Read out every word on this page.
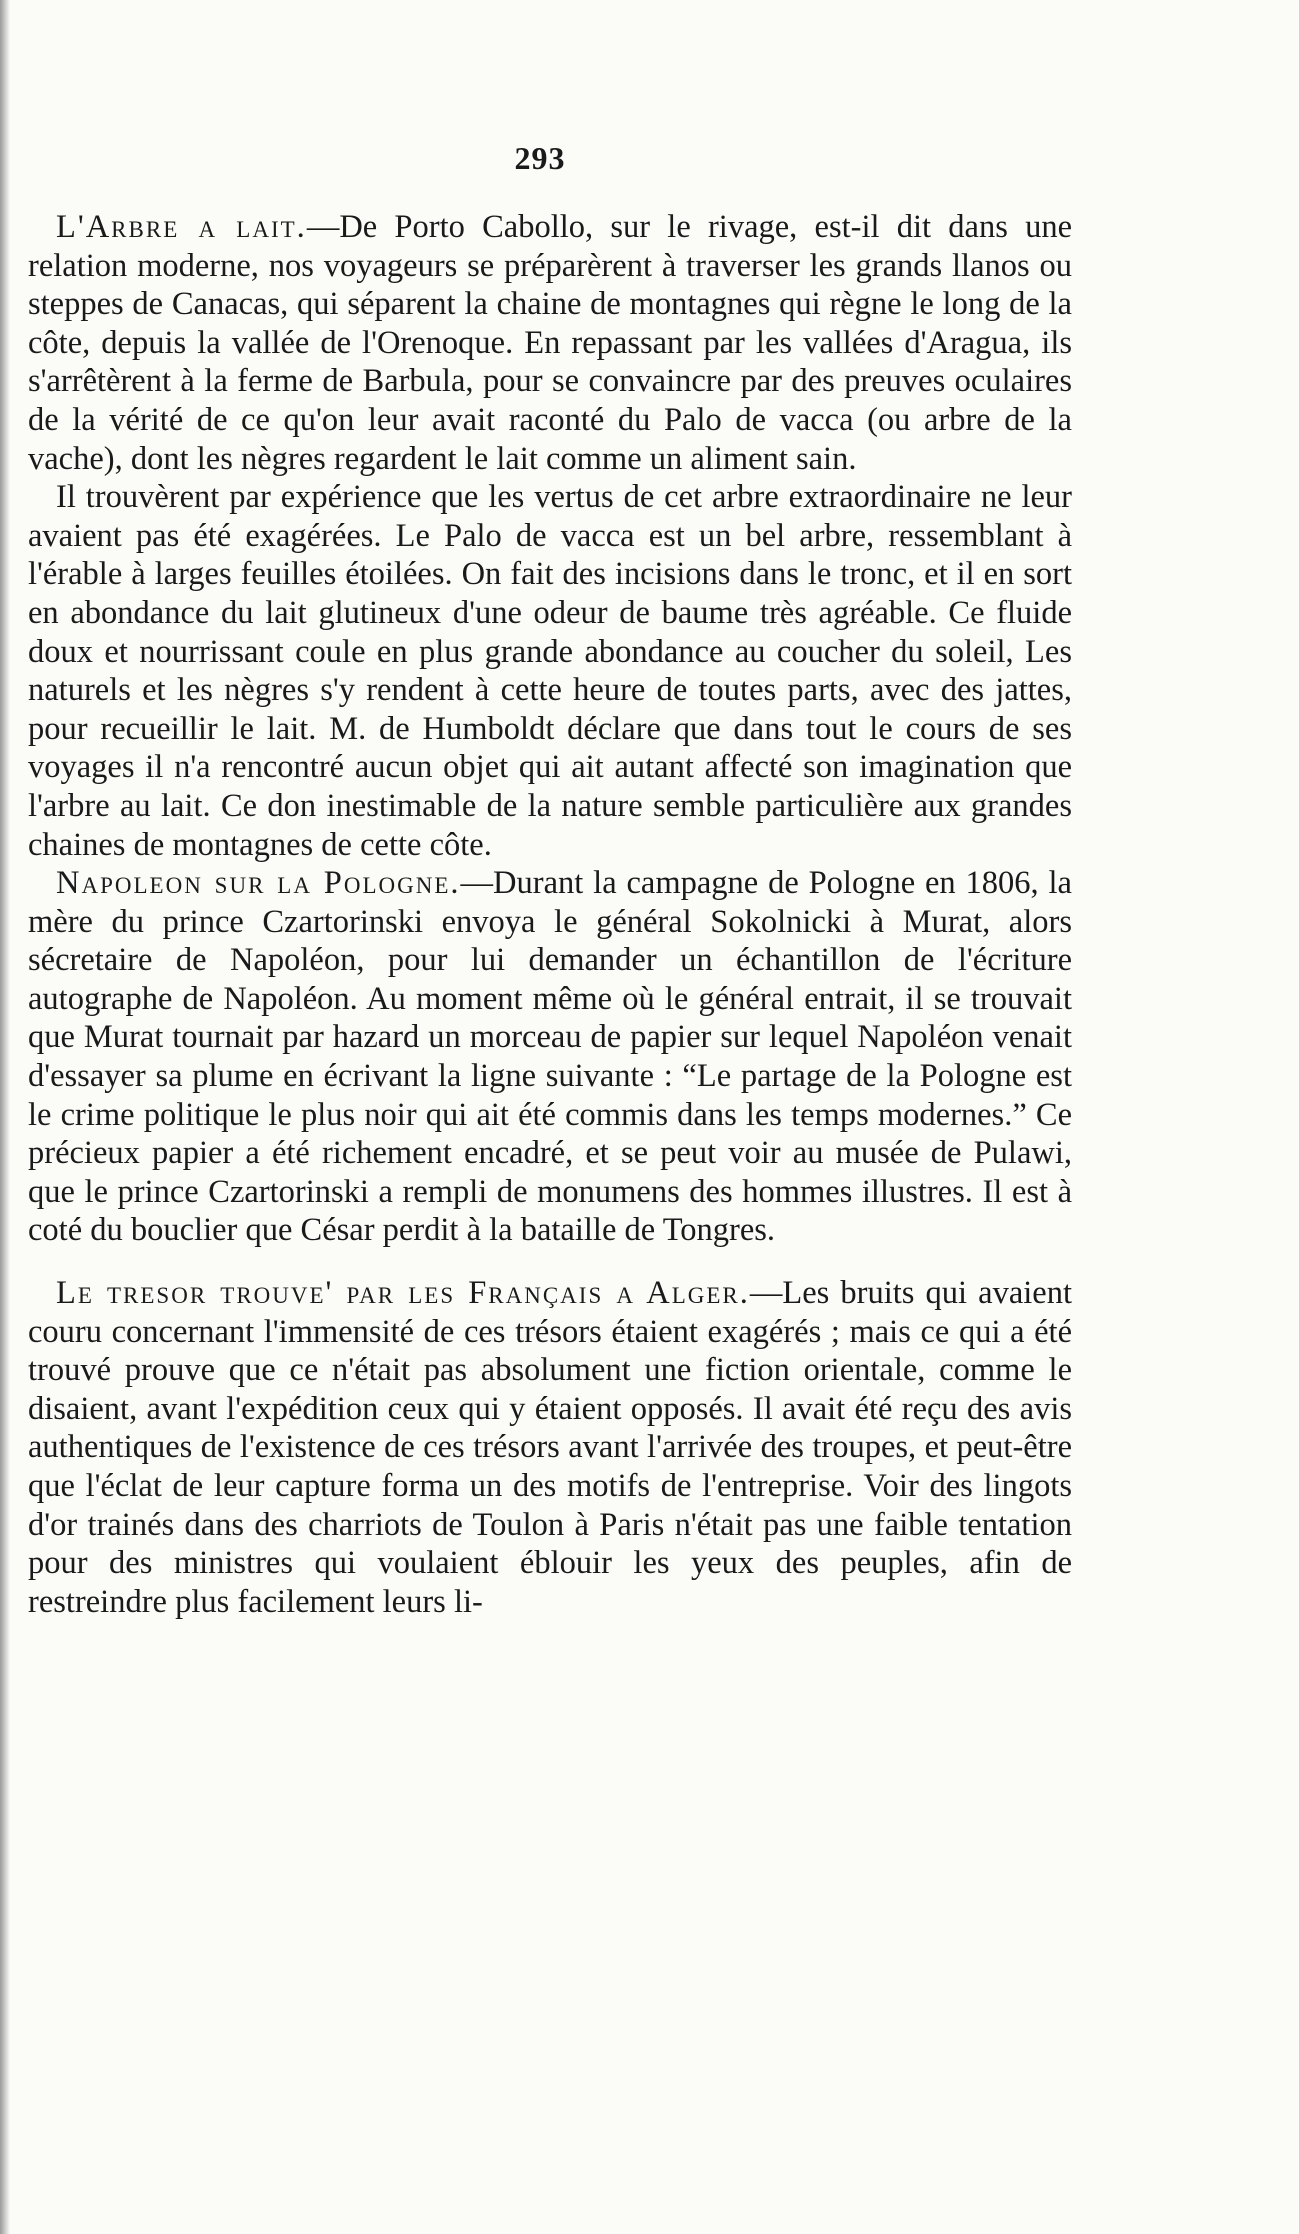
293

L'Arbre a lait.—De Porto Cabollo, sur le rivage, est-il dit dans une relation moderne, nos voyageurs se préparèrent à traverser les grands llanos ou steppes de Canacas, qui séparent la chaine de montagnes qui règne le long de la côte, depuis la vallée de l'Orenoque. En repassant par les vallées d'Aragua, ils s'arrêtèrent à la ferme de Barbula, pour se convaincre par des preuves oculaires de la vérité de ce qu'on leur avait raconté du Palo de vacca (ou arbre de la vache), dont les nègres regardent le lait comme un aliment sain.

Il trouvèrent par expérience que les vertus de cet arbre extraordinaire ne leur avaient pas été exagérées. Le Palo de vacca est un bel arbre, ressemblant à l'érable à larges feuilles étoilées. On fait des incisions dans le tronc, et il en sort en abondance du lait glutineux d'une odeur de baume très agréable. Ce fluide doux et nourrissant coule en plus grande abondance au coucher du soleil, Les naturels et les nègres s'y rendent à cette heure de toutes parts, avec des jattes, pour recueillir le lait. M. de Humboldt déclare que dans tout le cours de ses voyages il n'a rencontré aucun objet qui ait autant affecté son imagination que l'arbre au lait. Ce don inestimable de la nature semble particulière aux grandes chaines de montagnes de cette côte.

Napoleon sur la Pologne.—Durant la campagne de Pologne en 1806, la mère du prince Czartorinski envoya le général Sokolnicki à Murat, alors sécretaire de Napoléon, pour lui demander un échantillon de l'écriture autographe de Napoléon. Au moment même où le général entrait, il se trouvait que Murat tournait par hazard un morceau de papier sur lequel Napoléon venait d'essayer sa plume en écrivant la ligne suivante : “Le partage de la Pologne est le crime politique le plus noir qui ait été commis dans les temps modernes.” Ce précieux papier a été richement encadré, et se peut voir au musée de Pulawi, que le prince Czartorinski a rempli de monumens des hommes illustres. Il est à coté du bouclier que César perdit à la bataille de Tongres.

Le tresor trouve' par les Français a Alger.—Les bruits qui avaient couru concernant l'immensité de ces trésors étaient exagérés ; mais ce qui a été trouvé prouve que ce n'était pas absolument une fiction orientale, comme le disaient, avant l'expédition ceux qui y étaient opposés. Il avait été reçu des avis authentiques de l'existence de ces trésors avant l'arrivée des troupes, et peut-être que l'éclat de leur capture forma un des motifs de l'entreprise. Voir des lingots d'or trainés dans des charriots de Toulon à Paris n'était pas une faible tentation pour des ministres qui voulaient éblouir les yeux des peuples, afin de restreindre plus facilement leurs li-
